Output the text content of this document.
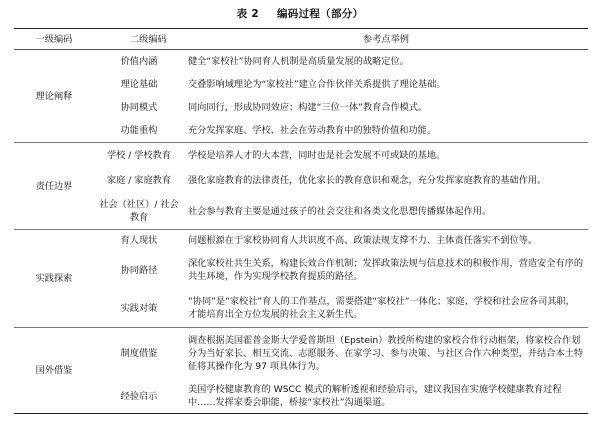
表 2 编码过程（部分）
一级编码	二级编码	参考点举例
理论阐释	价值内涵	健全“家校社”协同育人机制是高质量发展的战略定位。
	理论基础	交叠影响域理论为“家校社”建立合作伙伴关系提供了理论基础。
	协同模式	同向同行，形成协同效应；构建“三位一体”教育合作模式。
	功能重构	充分发挥家庭、学校、社会在劳动教育中的独特价值和功能。
责任边界	学校 / 学校教育	学校是培养人才的大本营，同时也是社会发展不可或缺的基地。
	家庭 / 家庭教育	强化家庭教育的法律责任，优化家长的教育意识和观念，充分发挥家庭教育的基础作用。
	社会（社区）/ 社会教育	社会参与教育主要是通过孩子的社会交往和各类文化思想传播媒体起作用。
实践探索	育人现状	问题根源在于家校协同育人共识度不高、政策法规支撑不力、主体责任落实不到位等。
	协同路径	深化家校社共生关系，构建长效合作机制；发挥政策法规与信息技术的积极作用，营造安全有序的共生环境，作为实现学校教育提质的路径。
	实践对策	“协同”是“家校社”育人的工作基点，需要搭建“家校社”一体化；家庭、学校和社会应各司其职，才能培育出全方位发展的社会主义新生代。
国外借鉴	制度借鉴	调查根据美国霍普金斯大学爱普斯坦（Epstein）教授所构建的家校合作行动框架，将家校合作划分为当好家长、相互交流、志愿服务、在家学习、参与决策、与社区合作六种类型，并结合本土特征将其操作化为 97 项具体行为。
	经验启示	美国学校健康教育的 WSCC 模式的解析透视和经验启示，建议我国在实施学校健康教育过程中……发挥家委会职能，桥接“家校社”沟通渠道。
